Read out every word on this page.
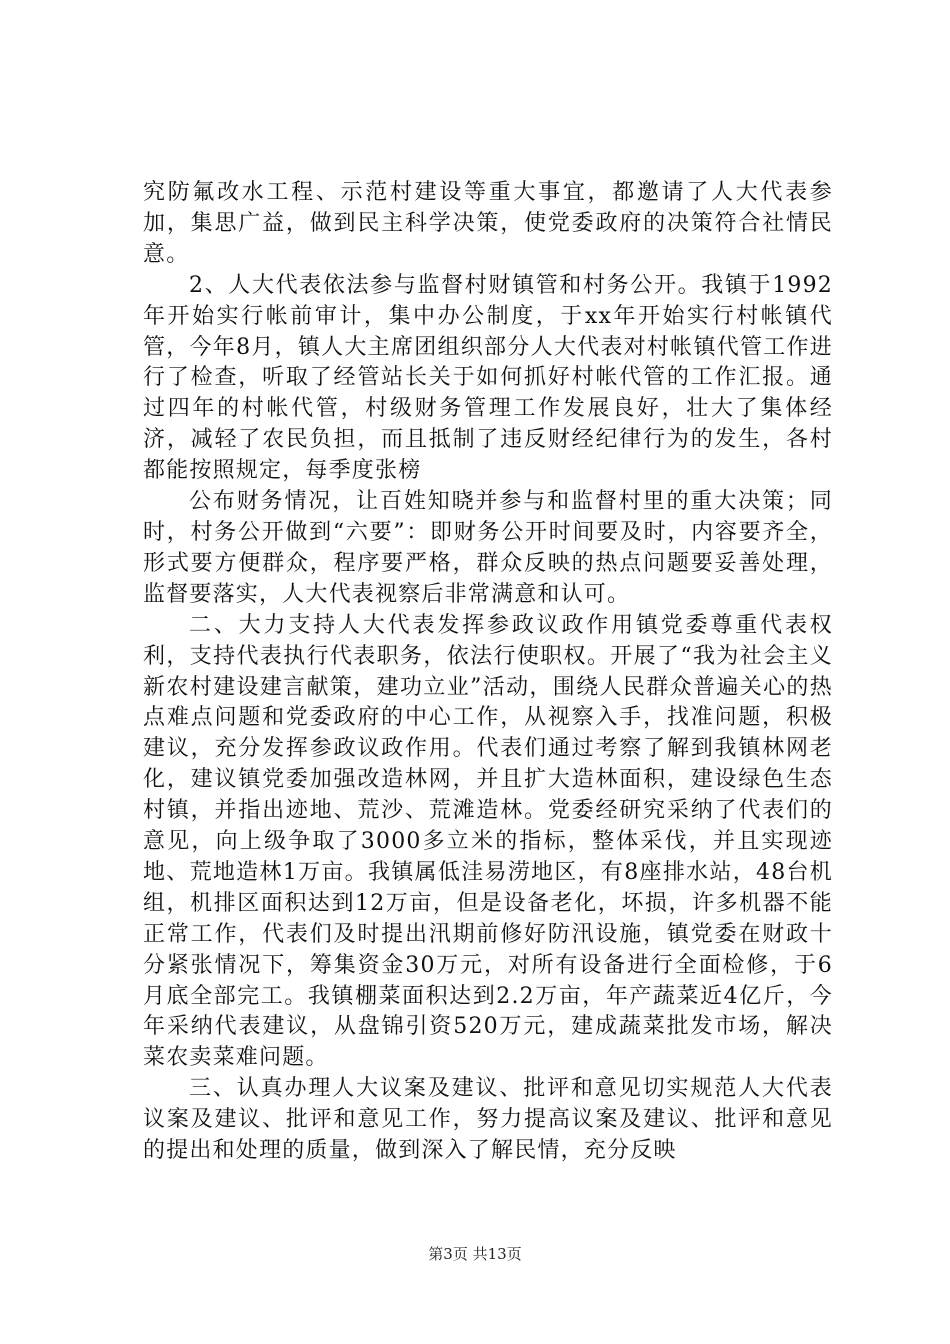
究防氟改水工程、示范村建设等重大事宜，都邀请了人大代表参加，集思广益，做到民主科学决策，使党委政府的决策符合社情民意。

2、人大代表依法参与监督村财镇管和村务公开。我镇于1992年开始实行帐前审计，集中办公制度，于xx年开始实行村帐镇代管，今年8月，镇人大主席团组织部分人大代表对村帐镇代管工作进行了检查，听取了经管站长关于如何抓好村帐代管的工作汇报。通过四年的村帐代管，村级财务管理工作发展良好，壮大了集体经济，减轻了农民负担，而且抵制了违反财经纪律行为的发生，各村都能按照规定，每季度张榜

公布财务情况，让百姓知晓并参与和监督村里的重大决策；同时，村务公开做到“六要”：即财务公开时间要及时，内容要齐全，形式要方便群众，程序要严格，群众反映的热点问题要妥善处理，监督要落实，人大代表视察后非常满意和认可。

二、大力支持人大代表发挥参政议政作用镇党委尊重代表权利，支持代表执行代表职务，依法行使职权。开展了“我为社会主义新农村建设建言献策，建功立业”活动，围绕人民群众普遍关心的热点难点问题和党委政府的中心工作，从视察入手，找准问题，积极建议，充分发挥参政议政作用。代表们通过考察了解到我镇林网老化，建议镇党委加强改造林网，并且扩大造林面积，建设绿色生态村镇，并指出迹地、荒沙、荒滩造林。党委经研究采纳了代表们的意见，向上级争取了3000多立米的指标，整体采伐，并且实现迹地、荒地造林1万亩。我镇属低洼易涝地区，有8座排水站，48台机组，机排区面积达到12万亩，但是设备老化，坏损，许多机器不能正常工作，代表们及时提出汛期前修好防汛设施，镇党委在财政十分紧张情况下，筹集资金30万元，对所有设备进行全面检修，于6月底全部完工。我镇棚菜面积达到2.2万亩，年产蔬菜近4亿斤，今年采纳代表建议，从盘锦引资520万元，建成蔬菜批发市场，解决菜农卖菜难问题。

三、认真办理人大议案及建议、批评和意见切实规范人大代表议案及建议、批评和意见工作，努力提高议案及建议、批评和意见的提出和处理的质量，做到深入了解民情，充分反映

第3页 共13页
